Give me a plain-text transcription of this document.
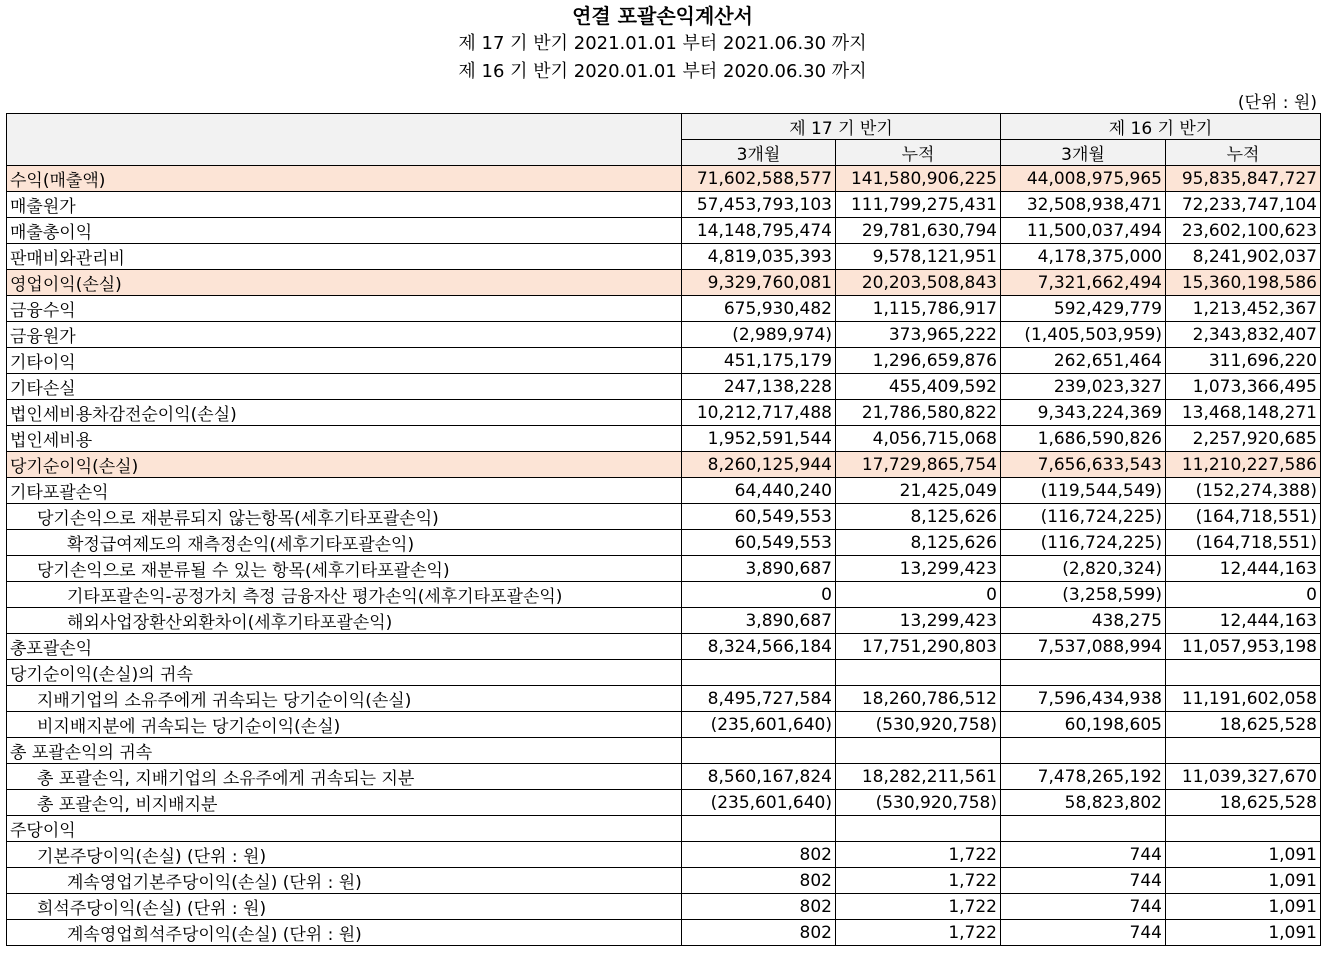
연결 포괄손익계산서
제 17 기 반기 2021.01.01 부터 2021.06.30 까지
제 16 기 반기 2020.01.01 부터 2020.06.30 까지
(단위 : 원)
	제 17 기 반기		제 16 기 반기	
	3개월	누적	3개월	누적
수익(매출액)	71,602,588,577	141,580,906,225	44,008,975,965	95,835,847,727
매출원가	57,453,793,103	111,799,275,431	32,508,938,471	72,233,747,104
매출총이익	14,148,795,474	29,781,630,794	11,500,037,494	23,602,100,623
판매비와관리비	4,819,035,393	9,578,121,951	4,178,375,000	8,241,902,037
영업이익(손실)	9,329,760,081	20,203,508,843	7,321,662,494	15,360,198,586
금융수익	675,930,482	1,115,786,917	592,429,779	1,213,452,367
금융원가	(2,989,974)	373,965,222	(1,405,503,959)	2,343,832,407
기타이익	451,175,179	1,296,659,876	262,651,464	311,696,220
기타손실	247,138,228	455,409,592	239,023,327	1,073,366,495
법인세비용차감전순이익(손실)	10,212,717,488	21,786,580,822	9,343,224,369	13,468,148,271
법인세비용	1,952,591,544	4,056,715,068	1,686,590,826	2,257,920,685
당기순이익(손실)	8,260,125,944	17,729,865,754	7,656,633,543	11,210,227,586
기타포괄손익	64,440,240	21,425,049	(119,544,549)	(152,274,388)
당기손익으로 재분류되지 않는항목(세후기타포괄손익)	60,549,553	8,125,626	(116,724,225)	(164,718,551)
확정급여제도의 재측정손익(세후기타포괄손익)	60,549,553	8,125,626	(116,724,225)	(164,718,551)
당기손익으로 재분류될 수 있는 항목(세후기타포괄손익)	3,890,687	13,299,423	(2,820,324)	12,444,163
기타포괄손익-공정가치 측정 금융자산 평가손익(세후기타포괄손익)	0	0	(3,258,599)	0
해외사업장환산외환차이(세후기타포괄손익)	3,890,687	13,299,423	438,275	12,444,163
총포괄손익	8,324,566,184	17,751,290,803	7,537,088,994	11,057,953,198
당기순이익(손실)의 귀속				
지배기업의 소유주에게 귀속되는 당기순이익(손실)	8,495,727,584	18,260,786,512	7,596,434,938	11,191,602,058
비지배지분에 귀속되는 당기순이익(손실)	(235,601,640)	(530,920,758)	60,198,605	18,625,528
총 포괄손익의 귀속				
총 포괄손익, 지배기업의 소유주에게 귀속되는 지분	8,560,167,824	18,282,211,561	7,478,265,192	11,039,327,670
총 포괄손익, 비지배지분	(235,601,640)	(530,920,758)	58,823,802	18,625,528
주당이익				
기본주당이익(손실) (단위 : 원)	802	1,722	744	1,091
계속영업기본주당이익(손실) (단위 : 원)	802	1,722	744	1,091
희석주당이익(손실) (단위 : 원)	802	1,722	744	1,091
계속영업희석주당이익(손실) (단위 : 원)	802	1,722	744	1,091
